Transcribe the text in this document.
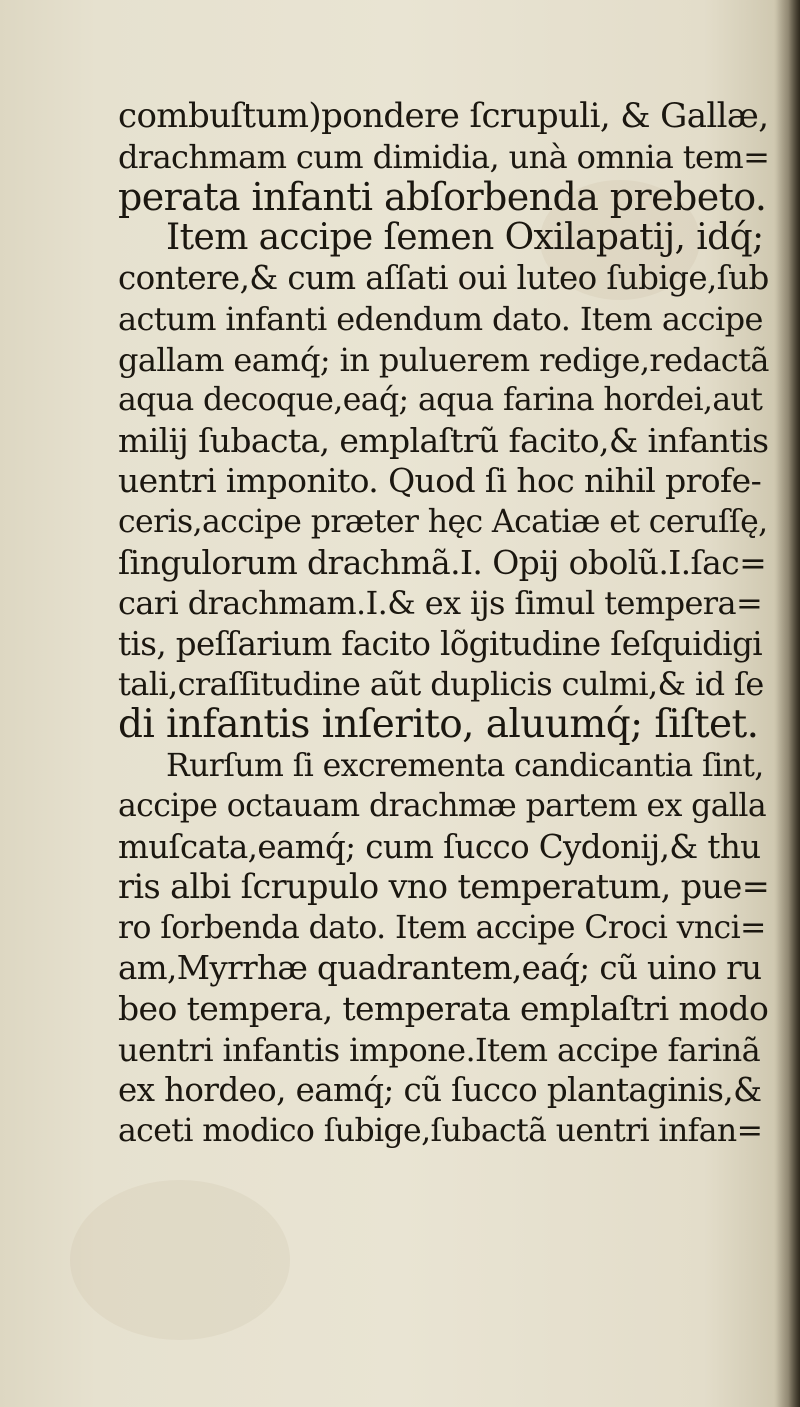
combuſtum)pondere ſcrupuli, & Gallæ,
drachmam cum dimidia, unà omnia tem=
perata infanti abſorbenda prebeto.
Item accipe ſemen Oxilapatij, idq́;
contere,& cum aſſati oui luteo ſubige,ſub
actum infanti edendum dato. Item accipe
gallam eamq́; in puluerem redige,redactã
aqua decoque,eaq́; aqua farina hordei,aut
milij ſubacta, emplaſtrũ facito,& infantis
uentri imponito. Quod ſi hoc nihil profe-
ceris,accipe præter hęc Acatiæ et ceruſſę,
ſingulorum drachmã.I. Opij obolũ.I.ſac=
cari drachmam.I.& ex ijs ſimul tempera=
tis, peſſarium facito lõgitudine ſeſquidigi
tali,craſſitudine aũt duplicis culmi,& id ſe
di infantis inſerito, aluumq́; ſiſtet.
Rurſum ſi excrementa candicantia ſint,
accipe octauam drachmæ partem ex galla
muſcata,eamq́; cum ſucco Cydonij,& thu
ris albi ſcrupulo vno temperatum, pue=
ro ſorbenda dato. Item accipe Croci vnci=
am,Myrrhæ quadrantem,eaq́; cũ uino ru
beo tempera, temperata emplaſtri modo
uentri infantis impone.Item accipe farinã
ex hordeo, eamq́; cũ ſucco plantaginis,&
aceti modico ſubige,ſubactã uentri infan=
